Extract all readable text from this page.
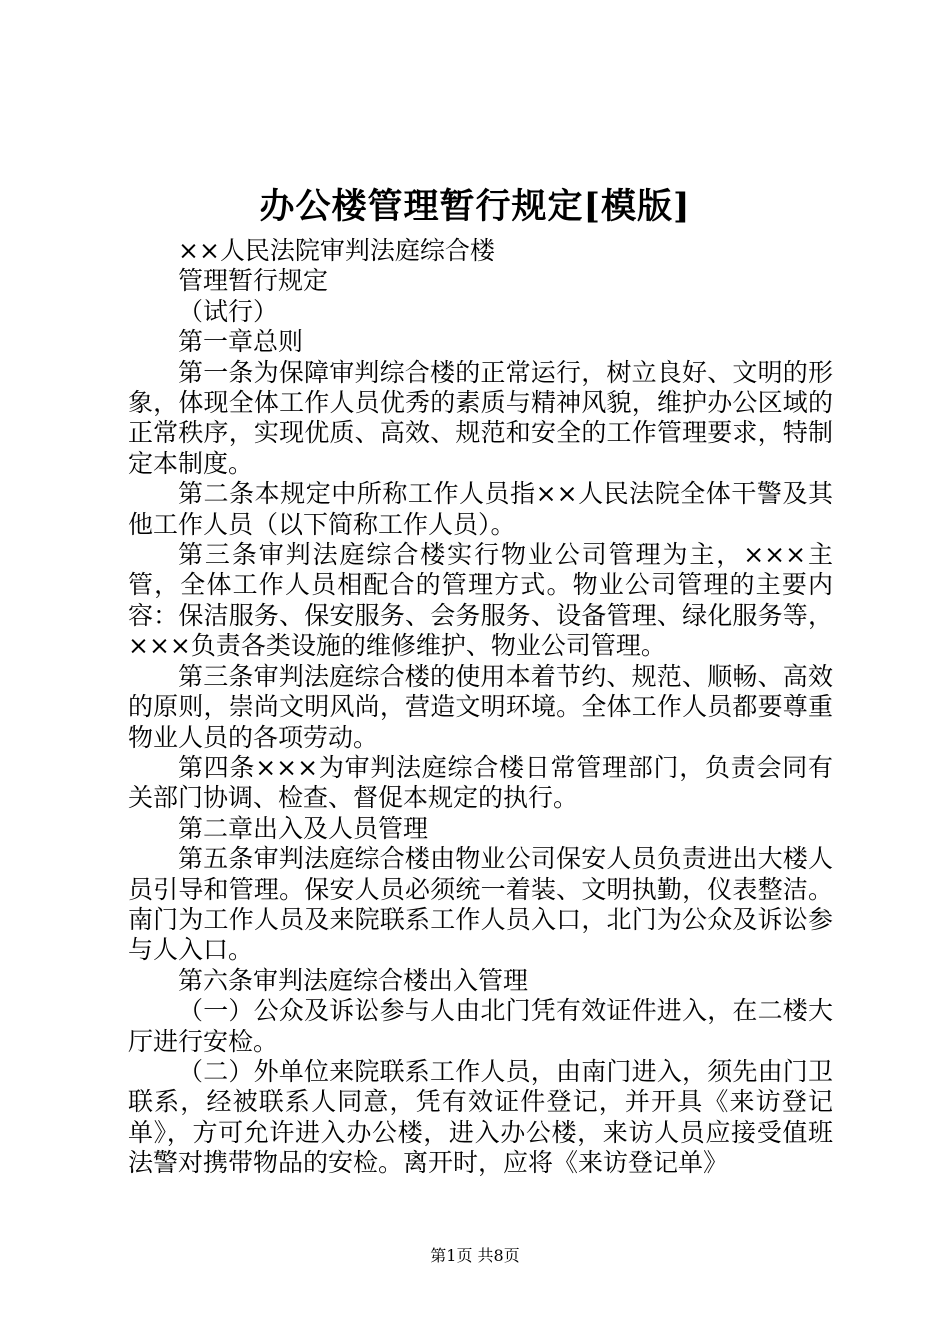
办公楼管理暂行规定[模版]

××人民法院审判法庭综合楼

管理暂行规定

（试行）

第一章总则

第一条为保障审判综合楼的正常运行，树立良好、文明的形象，体现全体工作人员优秀的素质与精神风貌，维护办公区域的正常秩序，实现优质、高效、规范和安全的工作管理要求，特制定本制度。

第二条本规定中所称工作人员指××人民法院全体干警及其他工作人员（以下简称工作人员）。

第三条审判法庭综合楼实行物业公司管理为主，×××主管，全体工作人员相配合的管理方式。物业公司管理的主要内容：保洁服务、保安服务、会务服务、设备管理、绿化服务等，×××负责各类设施的维修维护、物业公司管理。

第三条审判法庭综合楼的使用本着节约、规范、顺畅、高效的原则，崇尚文明风尚，营造文明环境。全体工作人员都要尊重物业人员的各项劳动。

第四条×××为审判法庭综合楼日常管理部门，负责会同有关部门协调、检查、督促本规定的执行。

第二章出入及人员管理

第五条审判法庭综合楼由物业公司保安人员负责进出大楼人员引导和管理。保安人员必须统一着装、文明执勤，仪表整洁。南门为工作人员及来院联系工作人员入口，北门为公众及诉讼参与人入口。

第六条审判法庭综合楼出入管理

（一）公众及诉讼参与人由北门凭有效证件进入，在二楼大厅进行安检。

（二）外单位来院联系工作人员，由南门进入，须先由门卫联系，经被联系人同意，凭有效证件登记，并开具《来访登记单》，方可允许进入办公楼，进入办公楼，来访人员应接受值班法警对携带物品的安检。离开时，应将《来访登记单》

第1页 共8页
